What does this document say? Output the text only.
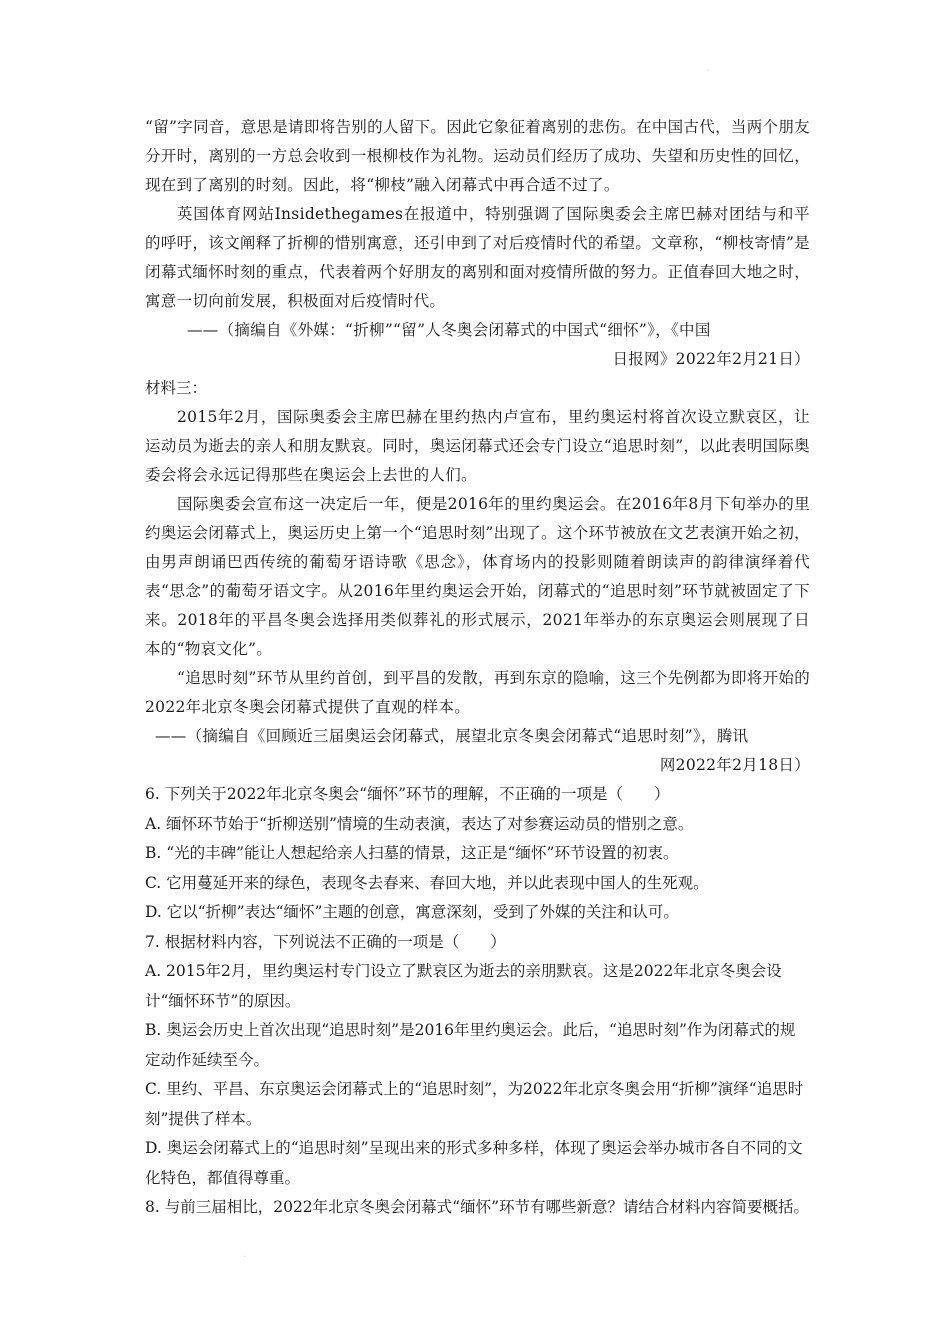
·

“留”字同音，意思是请即将告别的人留下。因此它象征着离别的悲伤。在中国古代，当两个朋友分开时，离别的一方总会收到一根柳枝作为礼物。运动员们经历了成功、失望和历史性的回忆，现在到了离别的时刻。因此，将“柳枝”融入闭幕式中再合适不过了。

英国体育网站Insidethegames在报道中，特别强调了国际奥委会主席巴赫对团结与和平的呼吁，该文阐释了折柳的惜别寓意，还引申到了对后疫情时代的希望。文章称，“柳枝寄情”是闭幕式缅怀时刻的重点，代表着两个好朋友的离别和面对疫情所做的努力。正值春回大地之时，寓意一切向前发展，积极面对后疫情时代。

——（摘编自《外媒：“折柳”“留”人冬奥会闭幕式的中国式“细怀”》，《中国

日报网》2022年2月21日）

材料三：

2015年2月，国际奥委会主席巴赫在里约热内卢宣布，里约奥运村将首次设立默哀区，让运动员为逝去的亲人和朋友默哀。同时，奥运闭幕式还会专门设立“追思时刻”，以此表明国际奥委会将会永远记得那些在奥运会上去世的人们。

国际奥委会宣布这一决定后一年，便是2016年的里约奥运会。在2016年8月下旬举办的里约奥运会闭幕式上，奥运历史上第一个“追思时刻”出现了。这个环节被放在文艺表演开始之初，由男声朗诵巴西传统的葡萄牙语诗歌《思念》，体育场内的投影则随着朗读声的韵律演绎着代表“思念”的葡萄牙语文字。从2016年里约奥运会开始，闭幕式的“追思时刻”环节就被固定了下来。2018年的平昌冬奥会选择用类似葬礼的形式展示，2021年举办的东京奥运会则展现了日本的“物哀文化”。

“追思时刻”环节从里约首创，到平昌的发散，再到东京的隐喻，这三个先例都为即将开始的2022年北京冬奥会闭幕式提供了直观的样本。

——（摘编自《回顾近三届奥运会闭幕式，展望北京冬奥会闭幕式“追思时刻”》，腾讯

网2022年2月18日）

6. 下列关于2022年北京冬奥会“缅怀”环节的理解，不正确的一项是（　　）

A. 缅怀环节始于“折柳送别”情境的生动表演，表达了对参赛运动员的惜别之意。

B. “光的丰碑”能让人想起给亲人扫墓的情景，这正是“缅怀”环节设置的初衷。

C. 它用蔓延开来的绿色，表现冬去春来、春回大地，并以此表现中国人的生死观。

D. 它以“折柳”表达“缅怀”主题的创意，寓意深刻，受到了外媒的关注和认可。

7. 根据材料内容，下列说法不正确的一项是（　　）

A. 2015年2月，里约奥运村专门设立了默哀区为逝去的亲朋默哀。这是2022年北京冬奥会设计“缅怀环节”的原因。

B. 奥运会历史上首次出现“追思时刻”是2016年里约奥运会。此后，“追思时刻”作为闭幕式的规定动作延续至今。

C. 里约、平昌、东京奥运会闭幕式上的“追思时刻”，为2022年北京冬奥会用“折柳”演绎“追思时刻”提供了样本。

D. 奥运会闭幕式上的“追思时刻”呈现出来的形式多种多样，体现了奥运会举办城市各自不同的文化特色，都值得尊重。

8. 与前三届相比，2022年北京冬奥会闭幕式“缅怀”环节有哪些新意？请结合材料内容简要概括。

·
